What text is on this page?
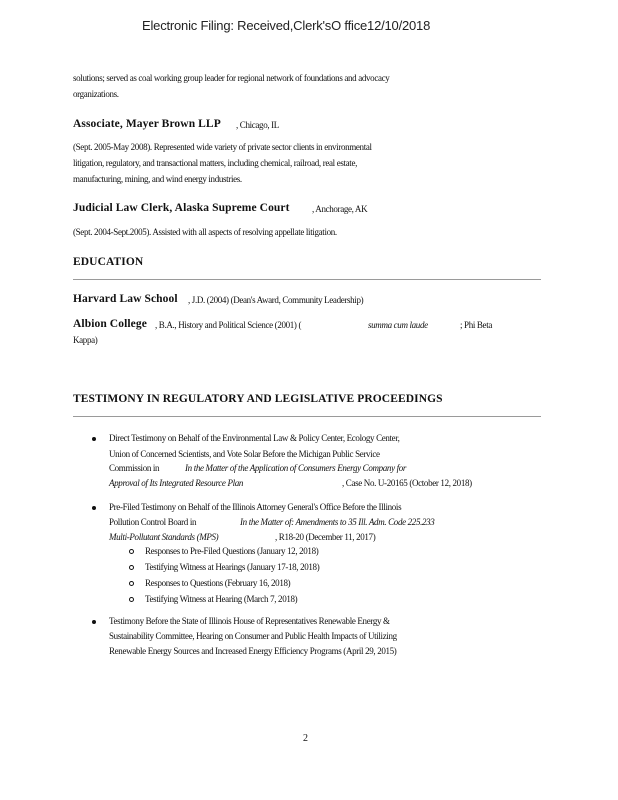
Electronic Filing: Received,Clerk'sO ffice12/10/2018
solutions; served as coal working group leader for regional network of foundations and advocacy
organizations.
Associate, Mayer Brown LLP , Chicago, IL
(Sept. 2005-May 2008). Represented wide variety of private sector clients in environmental
litigation, regulatory, and transactional matters, including chemical, railroad, real estate,
manufacturing, mining, and wind energy industries.
Judicial Law Clerk, Alaska Supreme Court , Anchorage, AK
(Sept. 2004-Sept.2005). Assisted with all aspects of resolving appellate litigation.
EDUCATION
Harvard Law School , J.D. (2004) (Dean's Award, Community Leadership)
Albion College , B.A., History and Political Science (2001) (	summa cum laude	; Phi Beta
Kappa)
TESTIMONY IN REGULATORY AND LEGISLATIVE PROCEEDINGS
Direct Testimony on Behalf of the Environmental Law & Policy Center, Ecology Center,
Union of Concerned Scientists, and Vote Solar Before the Michigan Public Service
Commission in	In the Matter of the Application of Consumers Energy Company for
Approval of Its Integrated Resource Plan	, Case No. U-20165 (October 12, 2018)
Pre-Filed Testimony on Behalf of the Illinois Attorney General's Office Before the Illinois
Pollution Control Board in	In the Matter of: Amendments to 35 Ill. Adm. Code 225.233
Multi-Pollutant Standards (MPS)	, R18-20 (December 11, 2017)
Responses to Pre-Filed Questions (January 12, 2018)
Testifying Witness at Hearings (January 17-18, 2018)
Responses to Questions (February 16, 2018)
Testifying Witness at Hearing (March 7, 2018)
Testimony Before the State of Illinois House of Representatives Renewable Energy &
Sustainability Committee, Hearing on Consumer and Public Health Impacts of Utilizing
Renewable Energy Sources and Increased Energy Efficiency Programs (April 29, 2015)
2
